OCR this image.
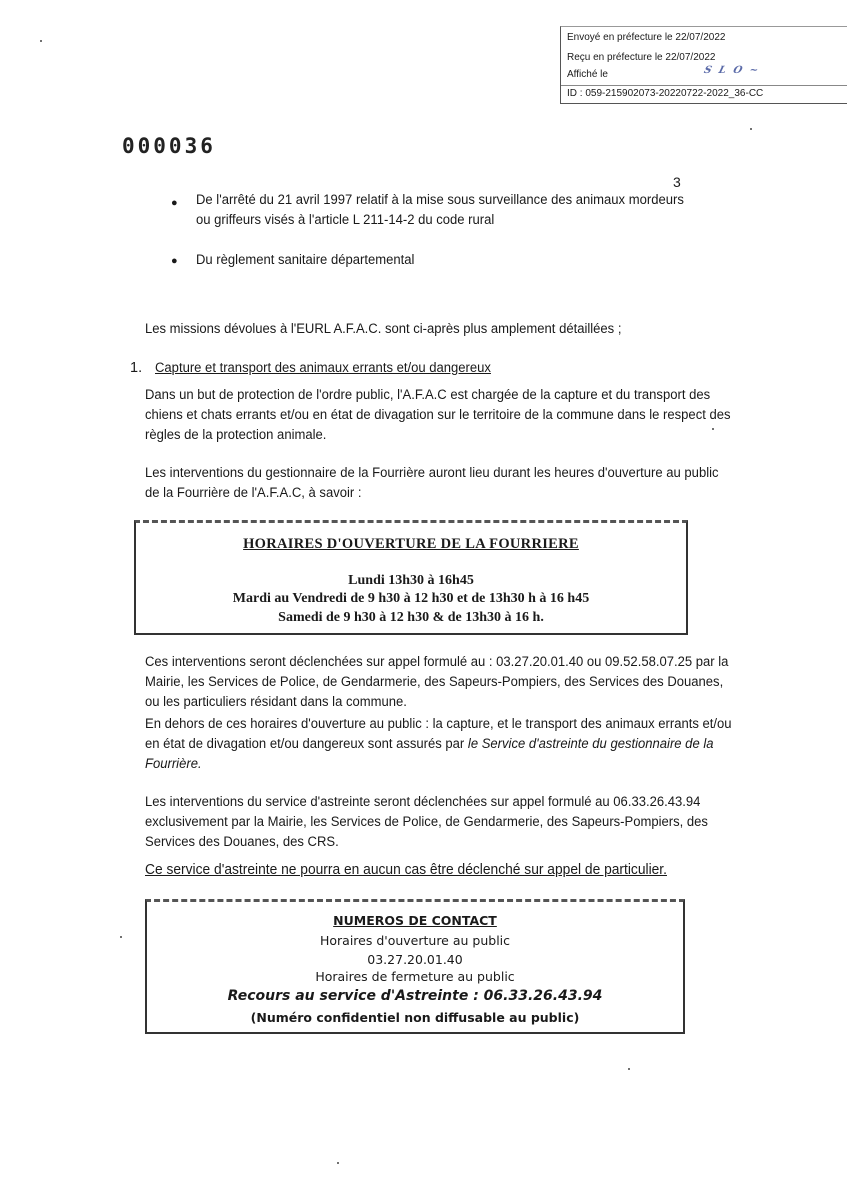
Envoyé en préfecture le 22/07/2022
Reçu en préfecture le 22/07/2022
Affiché le	S L O ~
ID : 059-215902073-20220722-2022_36-CC
000036
3
● De l'arrêté du 21 avril 1997 relatif à la mise sous surveillance des animaux mordeurs ou griffeurs visés à l'article L 211-14-2 du code rural
● Du règlement sanitaire départemental
Les missions dévolues à l'EURL A.F.A.C. sont ci-après plus amplement détaillées ;
1. Capture et transport des animaux errants et/ou dangereux
Dans un but de protection de l'ordre public, l'A.F.A.C est chargée de la capture et du transport des chiens et chats errants et/ou en état de divagation sur le territoire de la commune dans le respect des règles de la protection animale.
Les interventions du gestionnaire de la Fourrière auront lieu durant les heures d'ouverture au public de la Fourrière de l'A.F.A.C, à savoir :
HORAIRES D'OUVERTURE DE LA FOURRIERE
Lundi 13h30 à 16h45
Mardi au Vendredi de 9 h30 à 12 h30 et de 13h30 h à 16 h45
Samedi de 9 h30 à 12 h30 & de 13h30 à 16 h.
Ces interventions seront déclenchées sur appel formulé au : 03.27.20.01.40 ou 09.52.58.07.25 par la Mairie, les Services de Police, de Gendarmerie, des Sapeurs-Pompiers, des Services des Douanes, ou les particuliers résidant dans la commune.
En dehors de ces horaires d'ouverture au public : la capture, et le transport des animaux errants et/ou en état de divagation et/ou dangereux sont assurés par le Service d'astreinte du gestionnaire de la Fourrière.
Les interventions du service d'astreinte seront déclenchées sur appel formulé au 06.33.26.43.94 exclusivement par la Mairie, les Services de Police, de Gendarmerie, des Sapeurs-Pompiers, des Services des Douanes, des CRS.
Ce service d'astreinte ne pourra en aucun cas être déclenché sur appel de particulier.
NUMEROS DE CONTACT
Horaires d'ouverture au public
03.27.20.01.40
Horaires de fermeture au public
Recours au service d'Astreinte : 06.33.26.43.94
(Numéro confidentiel non diffusable au public)
